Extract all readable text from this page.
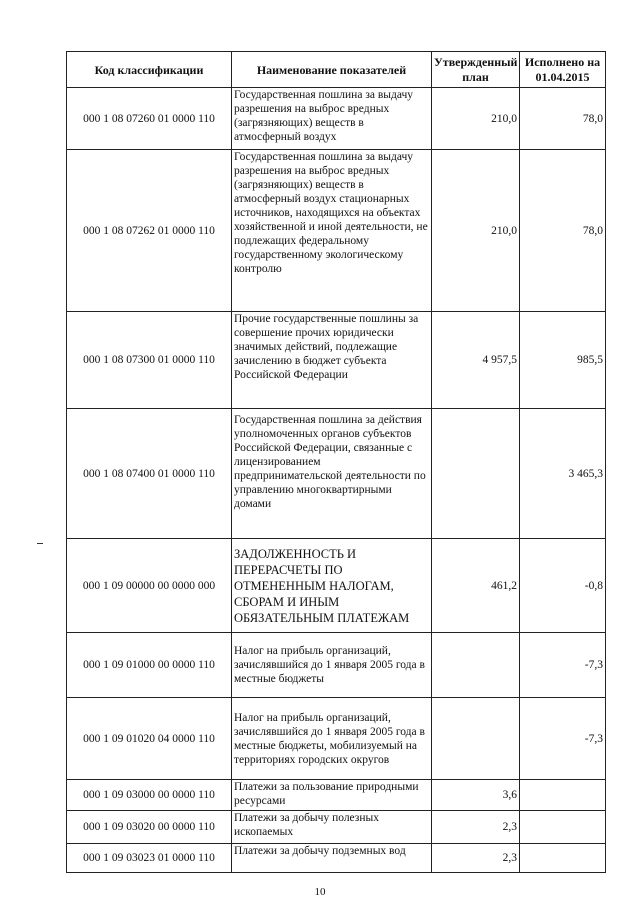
Код классификации	Наименование показателей	Утвержденный план	Исполнено на 01.04.2015
000 1 08 07260 01 0000 110	Государственная пошлина за выдачу разрешения на выброс вредных (загрязняющих) веществ в атмосферный воздух	210,0	78,0
000 1 08 07262 01 0000 110	Государственная пошлина за выдачу разрешения на выброс вредных (загрязняющих) веществ в атмосферный воздух стационарных источников, находящихся на объектах хозяйственной и иной деятельности, не подлежащих федеральному государственному экологическому контролю	210,0	78,0
000 1 08 07300 01 0000 110	Прочие государственные пошлины за совершение прочих юридически значимых действий, подлежащие зачислению в бюджет субъекта Российской Федерации	4 957,5	985,5
000 1 08 07400 01 0000 110	Государственная пошлина за действия уполномоченных органов субъектов Российской Федерации, связанные с лицензированием предпринимательской деятельности по управлению многоквартирными домами		3 465,3
000 1 09 00000 00 0000 000	ЗАДОЛЖЕННОСТЬ И ПЕРЕРАСЧЕТЫ ПО ОТМЕНЕННЫМ НАЛОГАМ, СБОРАМ И ИНЫМ ОБЯЗАТЕЛЬНЫМ ПЛАТЕЖАМ	461,2	-0,8
000 1 09 01000 00 0000 110	Налог на прибыль организаций, зачислявшийся до 1 января 2005 года в местные бюджеты		-7,3
000 1 09 01020 04 0000 110	Налог на прибыль организаций, зачислявшийся до 1 января 2005 года в местные бюджеты, мобилизуемый на территориях городских округов		-7,3
000 1 09 03000 00 0000 110	Платежи за пользование природными ресурсами	3,6	
000 1 09 03020 00 0000 110	Платежи за добычу полезных ископаемых	2,3	
000 1 09 03023 01 0000 110	Платежи за добычу подземных вод	2,3	
10
